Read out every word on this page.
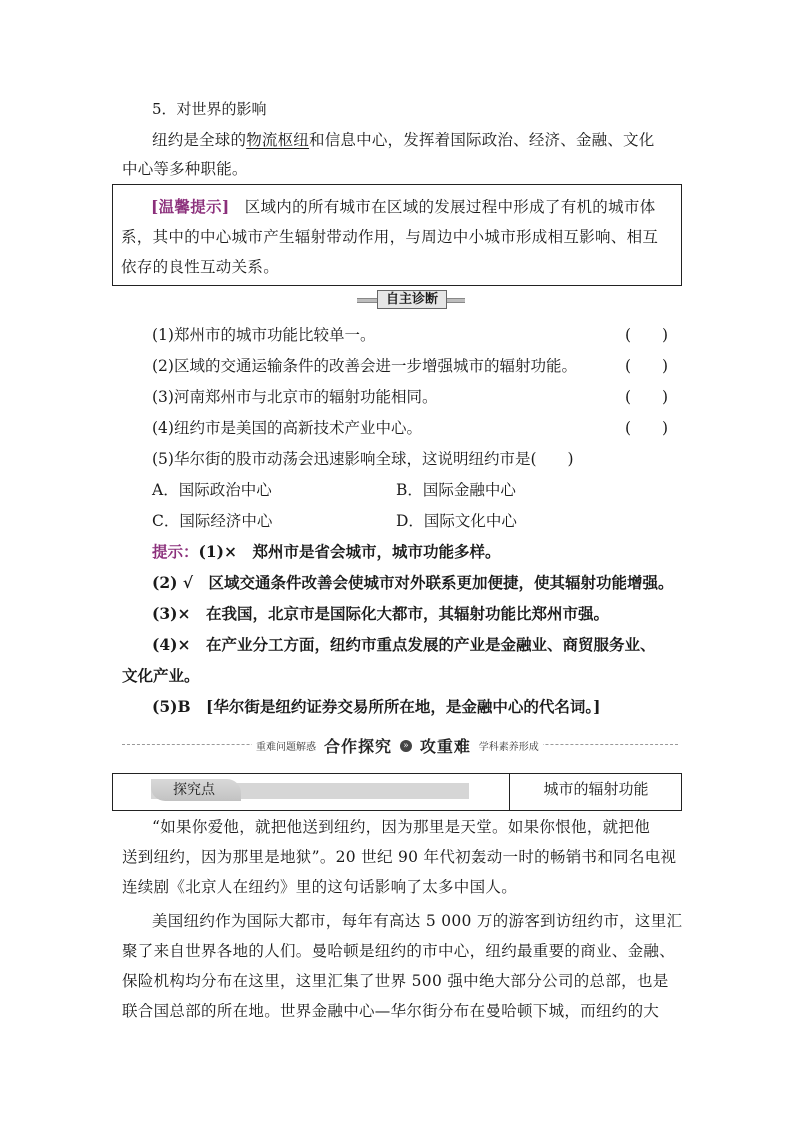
5．对世界的影响
纽约是全球的物流枢纽和信息中心，发挥着国际政治、经济、金融、文化
中心等多种职能。
[温馨提示] 区域内的所有城市在区域的发展过程中形成了有机的城市体
系，其中的中心城市产生辐射带动作用，与周边中小城市形成相互影响、相互
依存的良性互动关系。
自主诊断
(1)郑州市的城市功能比较单一。	(　　)
(2)区域的交通运输条件的改善会进一步增强城市的辐射功能。	(　　)
(3)河南郑州市与北京市的辐射功能相同。	(　　)
(4)纽约市是美国的高新技术产业中心。	(　　)
(5)华尔街的股市动荡会迅速影响全球，这说明纽约市是(　　)
A．国际政治中心	B．国际金融中心
C．国际经济中心	D．国际文化中心
提示：(1)×　郑州市是省会城市，城市功能多样。
(2) √　区域交通条件改善会使城市对外联系更加便捷，使其辐射功能增强。
(3)×　在我国，北京市是国际化大都市，其辐射功能比郑州市强。
(4)×　在产业分工方面，纽约市重点发展的产业是金融业、商贸服务业、
文化产业。
(5)B　[华尔街是纽约证券交易所所在地，是金融中心的代名词。]
重难问题解惑 合作探究 » 攻重难 学科素养形成
探究点	城市的辐射功能
“如果你爱他，就把他送到纽约，因为那里是天堂。如果你恨他，就把他
送到纽约，因为那里是地狱”。20 世纪 90 年代初轰动一时的畅销书和同名电视
连续剧《北京人在纽约》里的这句话影响了太多中国人。
美国纽约作为国际大都市，每年有高达 5 000 万的游客到访纽约市，这里汇
聚了来自世界各地的人们。曼哈顿是纽约的市中心，纽约最重要的商业、金融、
保险机构均分布在这里，这里汇集了世界 500 强中绝大部分公司的总部，也是
联合国总部的所在地。世界金融中心—华尔街分布在曼哈顿下城，而纽约的大
